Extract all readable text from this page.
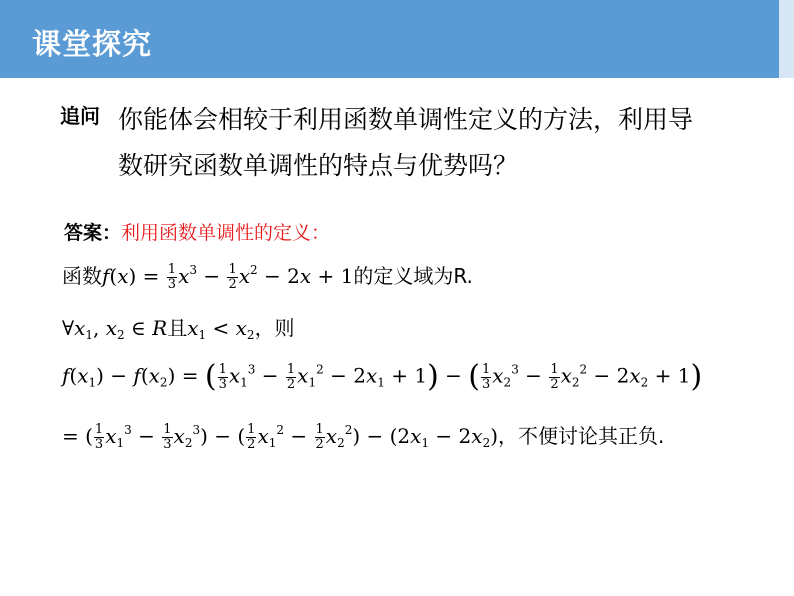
课堂探究
追问 你能体会相较于利用函数单调性定义的方法，利用导
数研究函数单调性的特点与优势吗？
答案：利用函数单调性的定义：
函数$f(x) = \frac{1}{3} x^3 - \frac{1}{2} x^2 - 2x + 1$的定义域为R.
$\forall x_1$, $x_2$ ∈ R且$x_1 < x_2$，则
$f(x_1) - f(x_2)$ = ( $\frac{1}{3} x_1^3 - \frac{1}{2} x_1^2 - 2x_1 + 1$) − ( $\frac{1}{3} x_2^3 - \frac{1}{2} x_2^2 - 2x_2 + 1$)
= ( $\frac{1}{3} x_1^3 - \frac{1}{3} x_2^3$) − ( $\frac{1}{2} x_1^2 - \frac{1}{2} x_2^2) - (2x_1 - 2x_2)$，不便讨论其正负.
